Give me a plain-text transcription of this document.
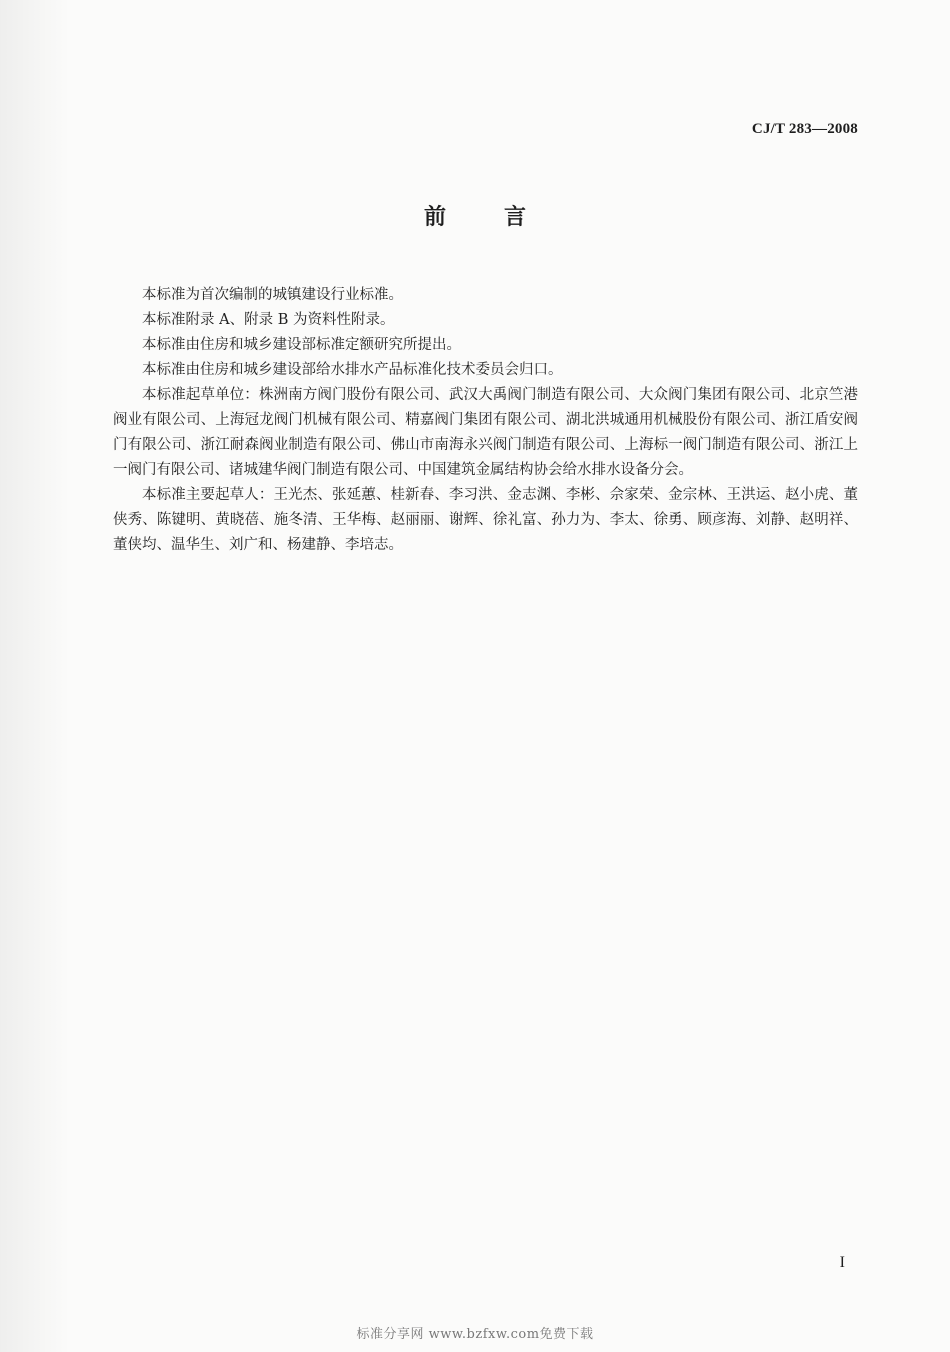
CJ/T 283—2008
前言

本标准为首次编制的城镇建设行业标准。

本标准附录 A、附录 B 为资料性附录。

本标准由住房和城乡建设部标准定额研究所提出。

本标准由住房和城乡建设部给水排水产品标准化技术委员会归口。

本标准起草单位：株洲南方阀门股份有限公司、武汉大禹阀门制造有限公司、大众阀门集团有限公司、北京竺港阀业有限公司、上海冠龙阀门机械有限公司、精嘉阀门集团有限公司、湖北洪城通用机械股份有限公司、浙江盾安阀门有限公司、浙江耐森阀业制造有限公司、佛山市南海永兴阀门制造有限公司、上海标一阀门制造有限公司、浙江上一阀门有限公司、诸城建华阀门制造有限公司、中国建筑金属结构协会给水排水设备分会。

本标准主要起草人：王光杰、张延蕙、桂新春、李习洪、金志渊、李彬、佘家荣、金宗林、王洪运、赵小虎、董侠秀、陈键明、黄晓蓓、施冬清、王华梅、赵丽丽、谢辉、徐礼富、孙力为、李太、徐勇、顾彦海、刘静、赵明祥、董侠均、温华生、刘广和、杨建静、李培志。

I
标准分享网 www.bzfxw.com免费下载
